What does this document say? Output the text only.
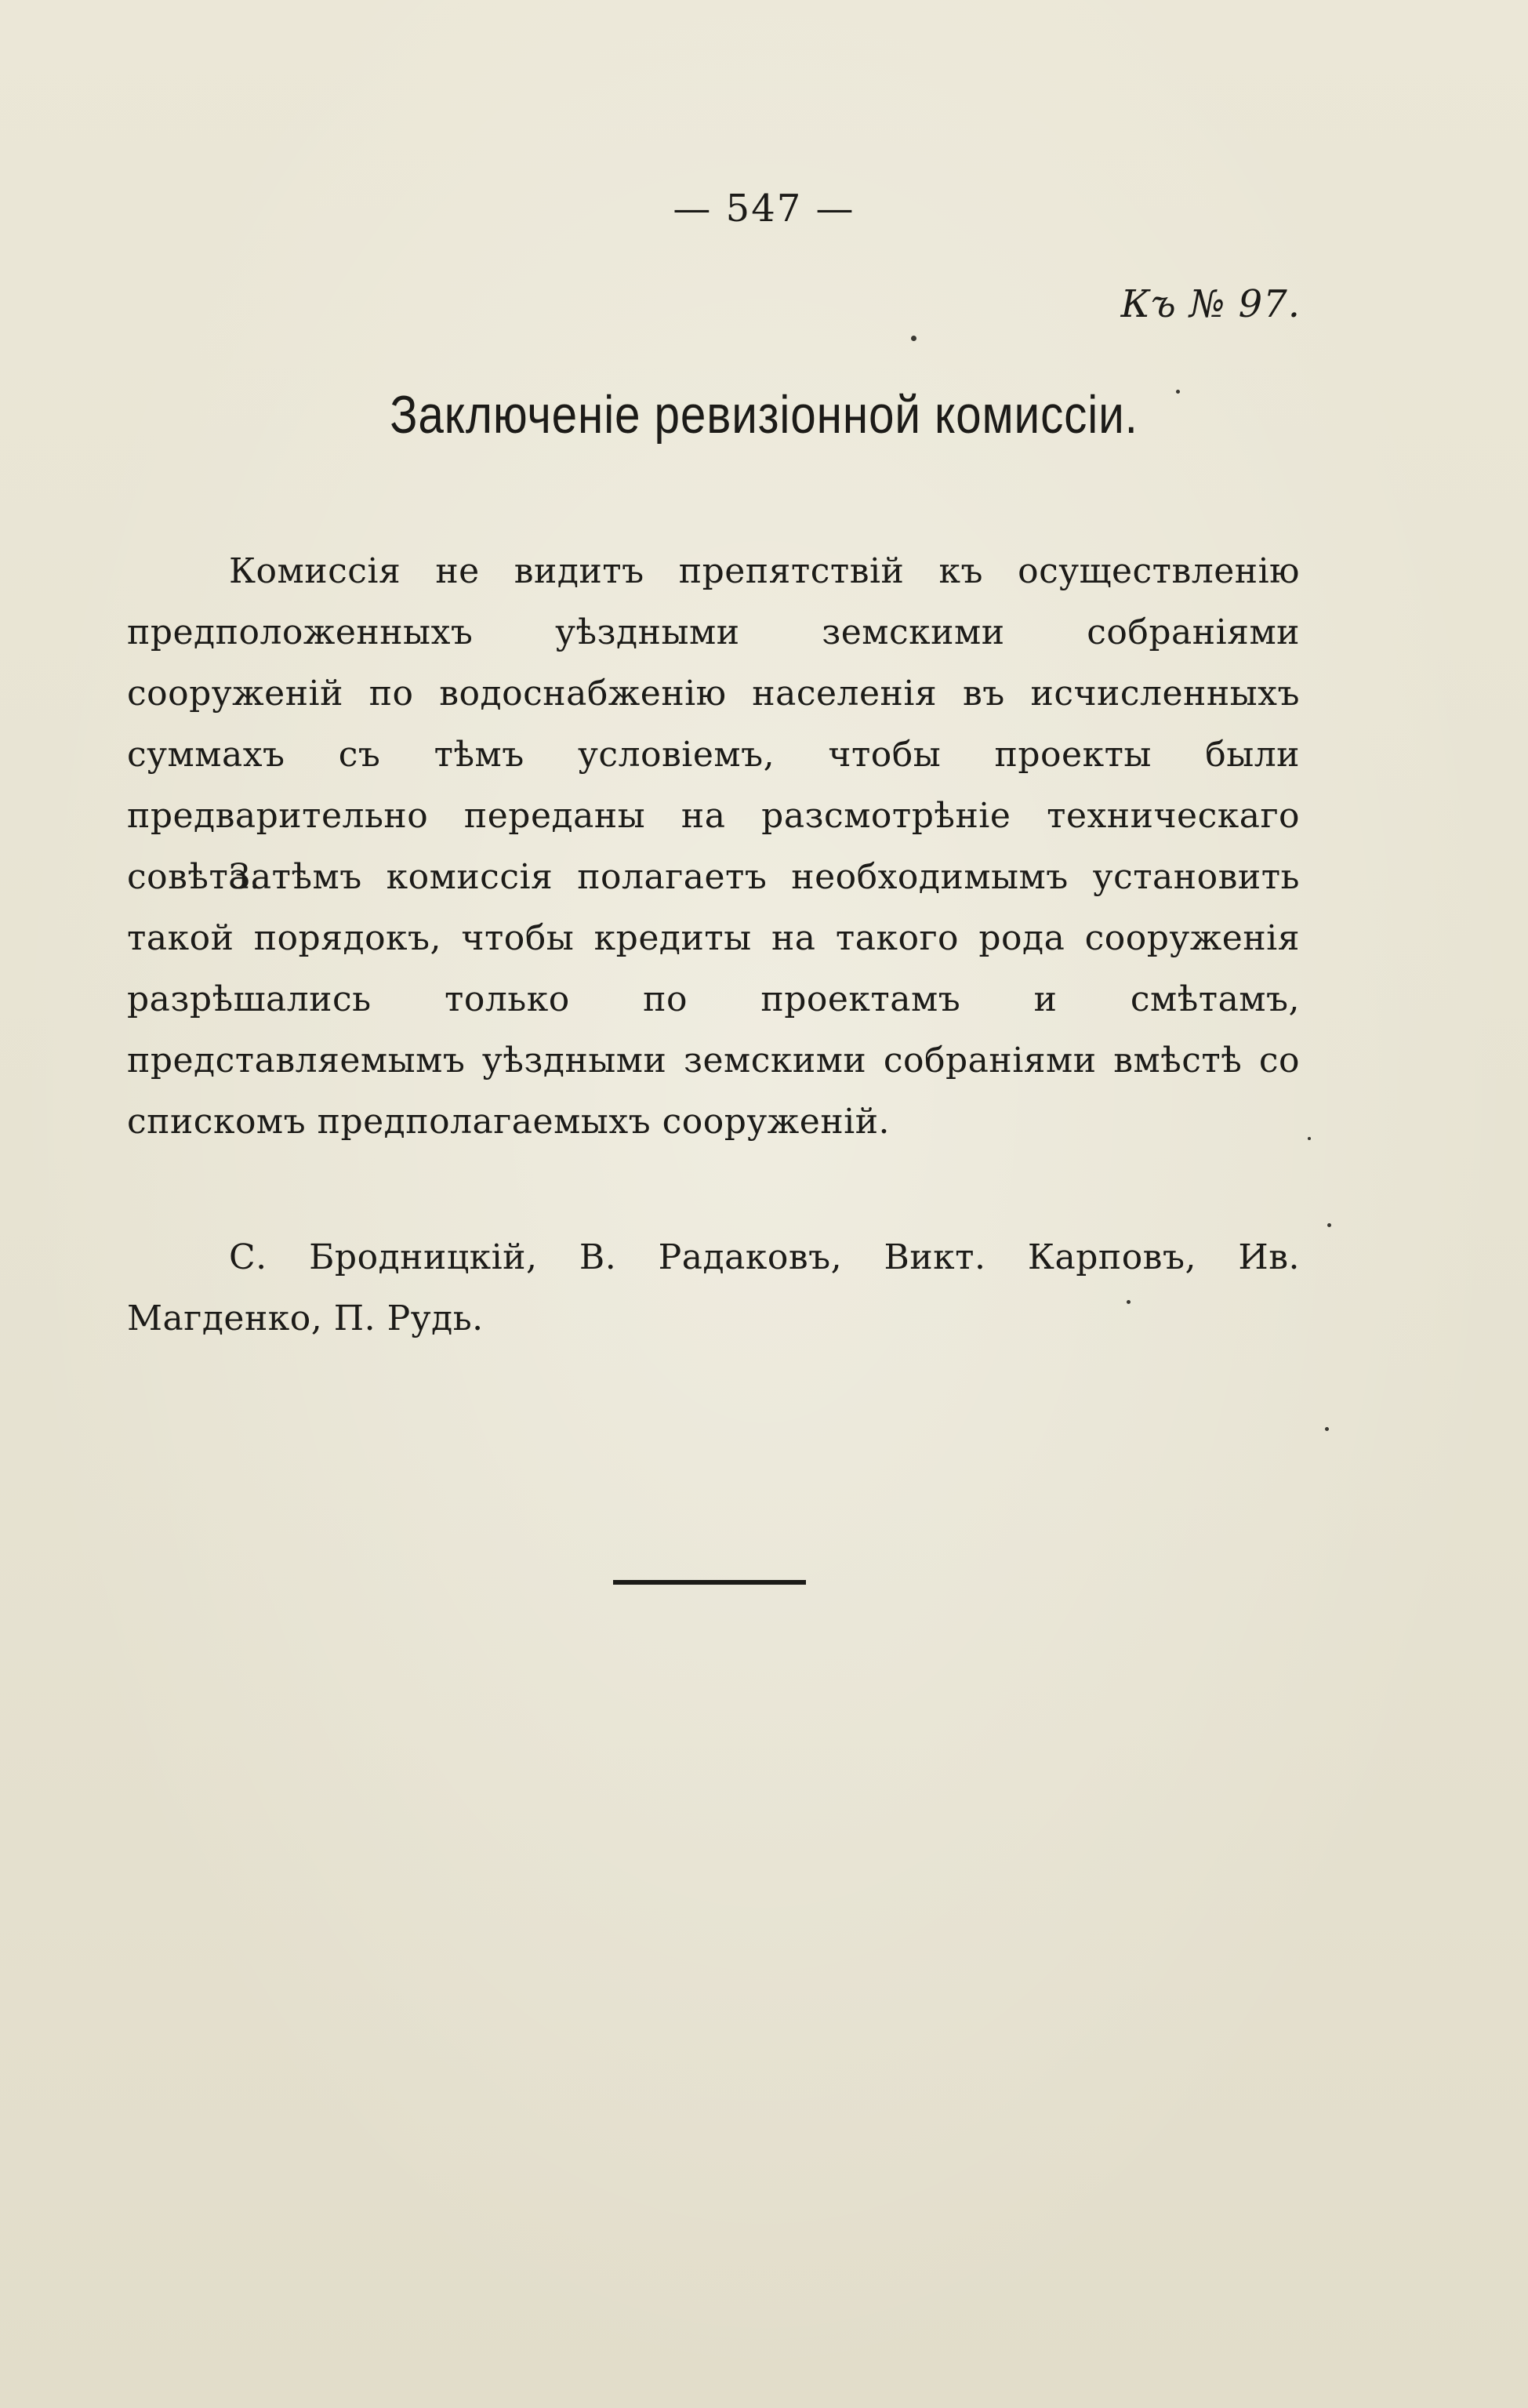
— 547 —
Къ № 97.
Заключеніе ревизіонной комиссіи.

Комиссія не видитъ препятствій къ осуществленію предположенныхъ уѣздными земскими собраніями сооруженій по водоснабженію населенія въ исчисленныхъ суммахъ съ тѣмъ условіемъ, чтобы проекты были предварительно переданы на разсмотрѣніе техническаго совѣта.

Затѣмъ комиссія полагаетъ необходимымъ установить такой порядокъ, чтобы кредиты на такого рода сооруженія разрѣшались только по проектамъ и смѣтамъ, представляемымъ уѣздными земскими собраніями вмѣстѣ со спискомъ предполагаемыхъ сооруженій.

С. Бродницкій, В. Радаковъ, Викт. Карповъ, Ив. Магденко, П. Рудь.
